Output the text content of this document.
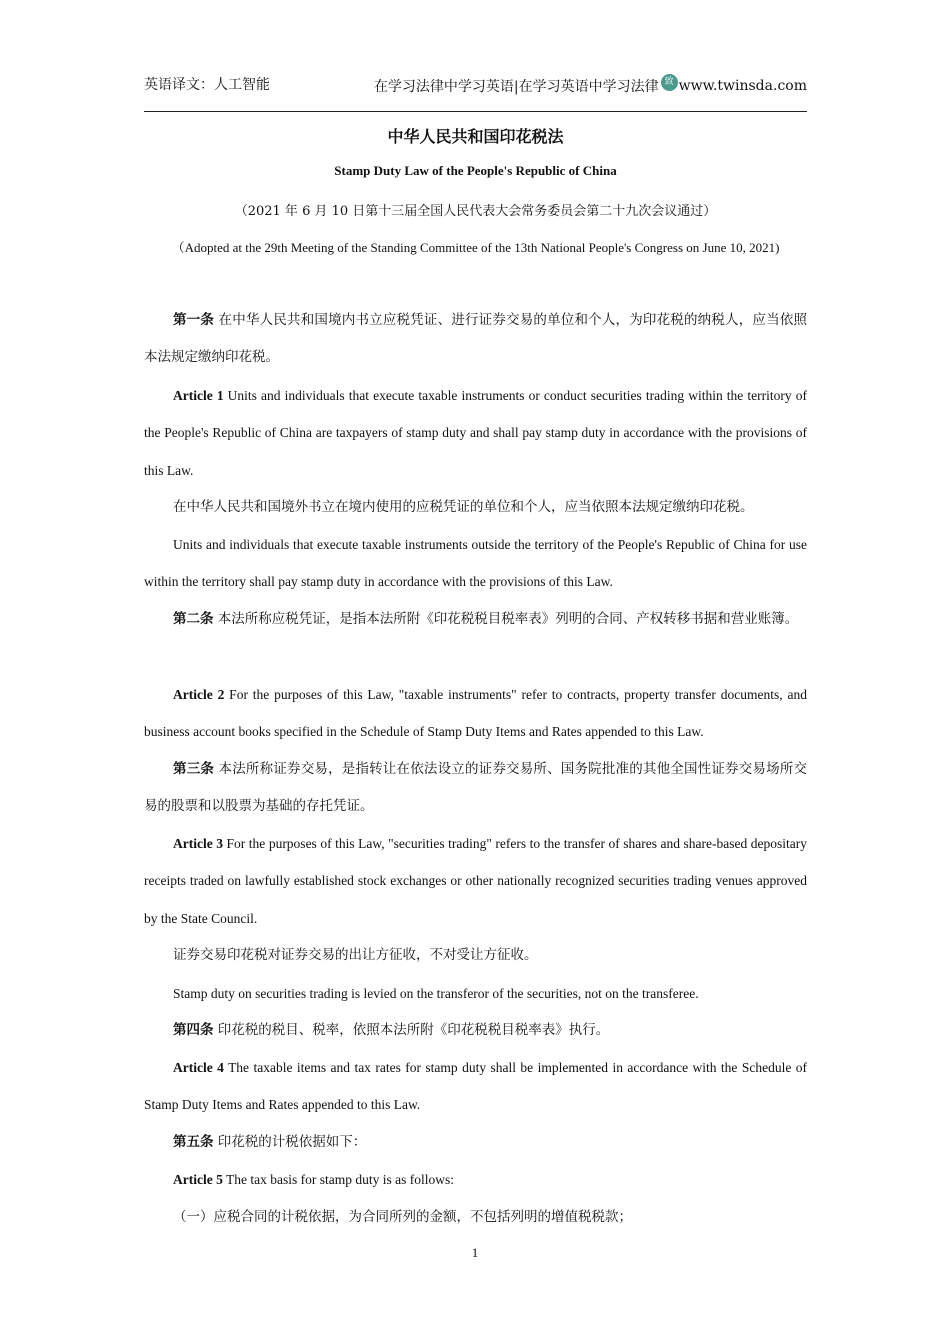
英语译文：人工智能	在学习法律中学习英语|在学习英语中学习法律 致 www.twinsda.com
中华人民共和国印花税法
Stamp Duty Law of the People's Republic of China
（2021 年 6 月 10 日第十三届全国人民代表大会常务委员会第二十九次会议通过）
（Adopted at the 29th Meeting of the Standing Committee of the 13th National People's Congress on June 10, 2021)

第一条 在中华人民共和国境内书立应税凭证、进行证券交易的单位和个人，为印花税的纳税人，应当依照本法规定缴纳印花税。

Article 1 Units and individuals that execute taxable instruments or conduct securities trading within the territory of the People's Republic of China are taxpayers of stamp duty and shall pay stamp duty in accordance with the provisions of this Law.

在中华人民共和国境外书立在境内使用的应税凭证的单位和个人，应当依照本法规定缴纳印花税。

Units and individuals that execute taxable instruments outside the territory of the People's Republic of China for use within the territory shall pay stamp duty in accordance with the provisions of this Law.

第二条 本法所称应税凭证，是指本法所附《印花税税目税率表》列明的合同、产权转移书据和营业账簿。

Article 2 For the purposes of this Law, "taxable instruments" refer to contracts, property transfer documents, and business account books specified in the Schedule of Stamp Duty Items and Rates appended to this Law.

第三条 本法所称证券交易，是指转让在依法设立的证券交易所、国务院批准的其他全国性证券交易场所交易的股票和以股票为基础的存托凭证。

Article 3 For the purposes of this Law, "securities trading" refers to the transfer of shares and share-based depositary receipts traded on lawfully established stock exchanges or other nationally recognized securities trading venues approved by the State Council.

证券交易印花税对证券交易的出让方征收，不对受让方征收。

Stamp duty on securities trading is levied on the transferor of the securities, not on the transferee.

第四条 印花税的税目、税率，依照本法所附《印花税税目税率表》执行。

Article 4 The taxable items and tax rates for stamp duty shall be implemented in accordance with the Schedule of Stamp Duty Items and Rates appended to this Law.

第五条 印花税的计税依据如下：

Article 5 The tax basis for stamp duty is as follows:

（一）应税合同的计税依据，为合同所列的金额，不包括列明的增值税税款；

1
